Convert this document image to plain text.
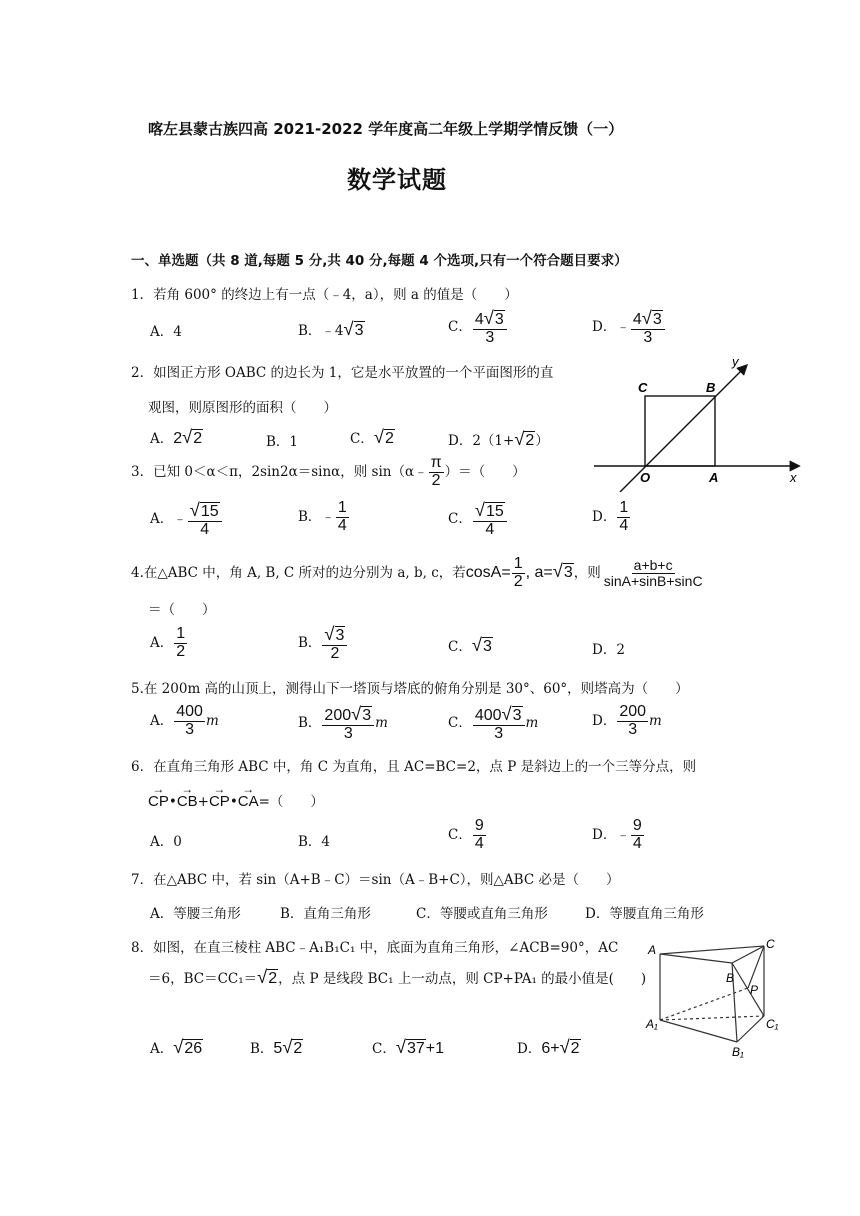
喀左县蒙古族四高 2021-2022 学年度高二年级上学期学情反馈（一）
数学试题
一、单选题（共 8 道,每题 5 分,共 40 分,每题 4 个选项,只有一个符合题目要求）
1．若角 600° 的终边上有一点（﹣4，a），则 a 的值是（　　）
A．4	B．﹣4√3	C． $\frac{4√3}{3}$	D．﹣ $\frac{4√3}{3}$
2．如图正方形 OABC 的边长为 1，它是水平放置的一个平面图形的直
观图，则原图形的面积（　　）
A．2√2	B．1	C．√2	D．2（1+√2）
C	B
O	A	x
y
3．已知 0＜α＜π，2sin2α＝sinα，则 sin（α﹣ $\frac{\pi}{2}$ ）＝（　　）
A．﹣ $\frac{√15}{4}$	B．﹣ $\frac{1}{4}$	C． $\frac{√15}{4}$	D． $\frac{1}{4}$
4.在△ABC 中，角 A, B, C 所对的边分别为 a, b, c，若$\cos A= \frac{1}{2}$ , a=√3，则 $\frac{a+b+c}{\sin A+\sin B+\sin C}$
＝（　　）
A． $\frac{1}{2}$	B． $\frac{√3}{2}$	C．√3	D．2
5.在 200m 高的山顶上，测得山下一塔顶与塔底的俯角分别是 30°、60°，则塔高为（　　）
A． $\frac{400}{3}$ m	B． $\frac{200√3}{3}$ m	C． $\frac{400√3}{3}$ m	D． $\frac{200}{3}$ m
6．在直角三角形 ABC 中，角 C 为直角，且 AC=BC=2，点 P 是斜边上的一个三等分点，则
→ CP•→ CB+→ CP•→ CA=（　　）
A．0	B．4	C． $\frac{9}{4}$	D．﹣ $\frac{9}{4}$
7．在△ABC 中，若 sin（A+B﹣C）＝sin（A﹣B+C），则△ABC 必是（　　）
A．等腰三角形	B．直角三角形	C．等腰或直角三角形	D．等腰直角三角形
8．如图，在直三棱柱 ABC﹣A₁B₁C₁ 中，底面为直角三角形，∠ACB=90°，AC
＝6，BC＝CC₁＝√2，点 P 是线段 BC₁ 上一动点，则 CP+PA₁ 的最小值是(　　)
A．√26	B．5√2	C．√37+1	D．6+√2
A	C
B
P
A₁	C₁
B₁
